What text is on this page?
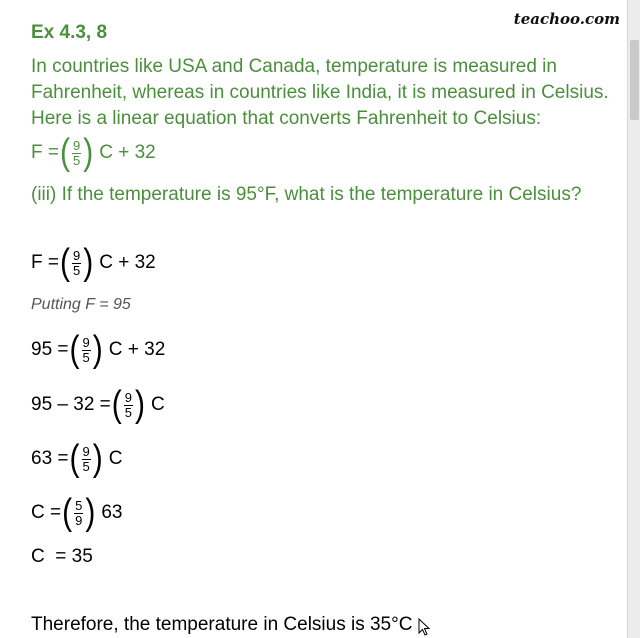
teachoo.com
Ex 4.3, 8
In countries like USA and Canada, temperature is measured in
Fahrenheit, whereas in countries like India, it is measured in Celsius.
Here is a linear equation that converts Fahrenheit to Celsius:
F = ( $\frac{9}{5}$ ) C + 32
(iii) If the temperature is 95°F, what is the temperature in Celsius?
F = ( $\frac{9}{5}$ ) C + 32
Putting F = 95
95 = ( $\frac{9}{5}$ ) C + 32
95 – 32 = ( $\frac{9}{5}$ ) C
63 = ( $\frac{9}{5}$ ) C
C = ( $\frac{5}{9}$ ) 63
C  = 35
Therefore, the temperature in Celsius is 35°C
